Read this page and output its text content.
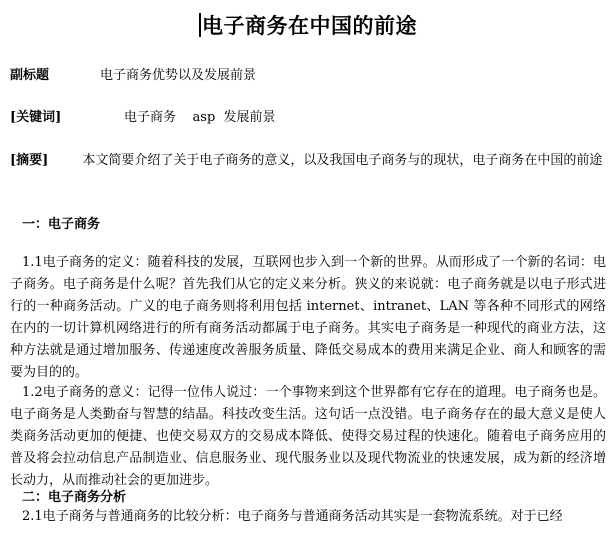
电子商务在中国的前途
副标题	电子商务优势以及发展前景
[关键词]	电子商务    asp  发展前景
[摘要]	本文简要介绍了关于电子商务的意义，以及我国电子商务与的现状，电子商务在中国的前途
一：电子商务
1.1电子商务的定义：随着科技的发展，互联网也步入到一个新的世界。从而形成了一个新的名词：电子商务。电子商务是什么呢？首先我们从它的定义来分析。狭义的来说就：电子商务就是以电子形式进行的一种商务活动。广义的电子商务则将利用包括 internet、intranet、LAN 等各种不同形式的网络在内的一切计算机网络进行的所有商务活动都属于电子商务。其实电子商务是一种现代的商业方法，这种方法就是通过增加服务、传递速度改善服务质量、降低交易成本的费用来满足企业、商人和顾客的需要为目的的。
1.2电子商务的意义：记得一位伟人说过：一个事物来到这个世界都有它存在的道理。电子商务也是。电子商务是人类勤奋与智慧的结晶。科技改变生活。这句话一点没错。电子商务存在的最大意义是使人类商务活动更加的便捷、也使交易双方的交易成本降低、使得交易过程的快速化。随着电子商务应用的普及将会拉动信息产品制造业、信息服务业、现代服务业以及现代物流业的快速发展，成为新的经济增长动力，从而推动社会的更加进步。
二：电子商务分析
2.1电子商务与普通商务的比较分析：电子商务与普通商务活动其实是一套物流系统。对于已经
